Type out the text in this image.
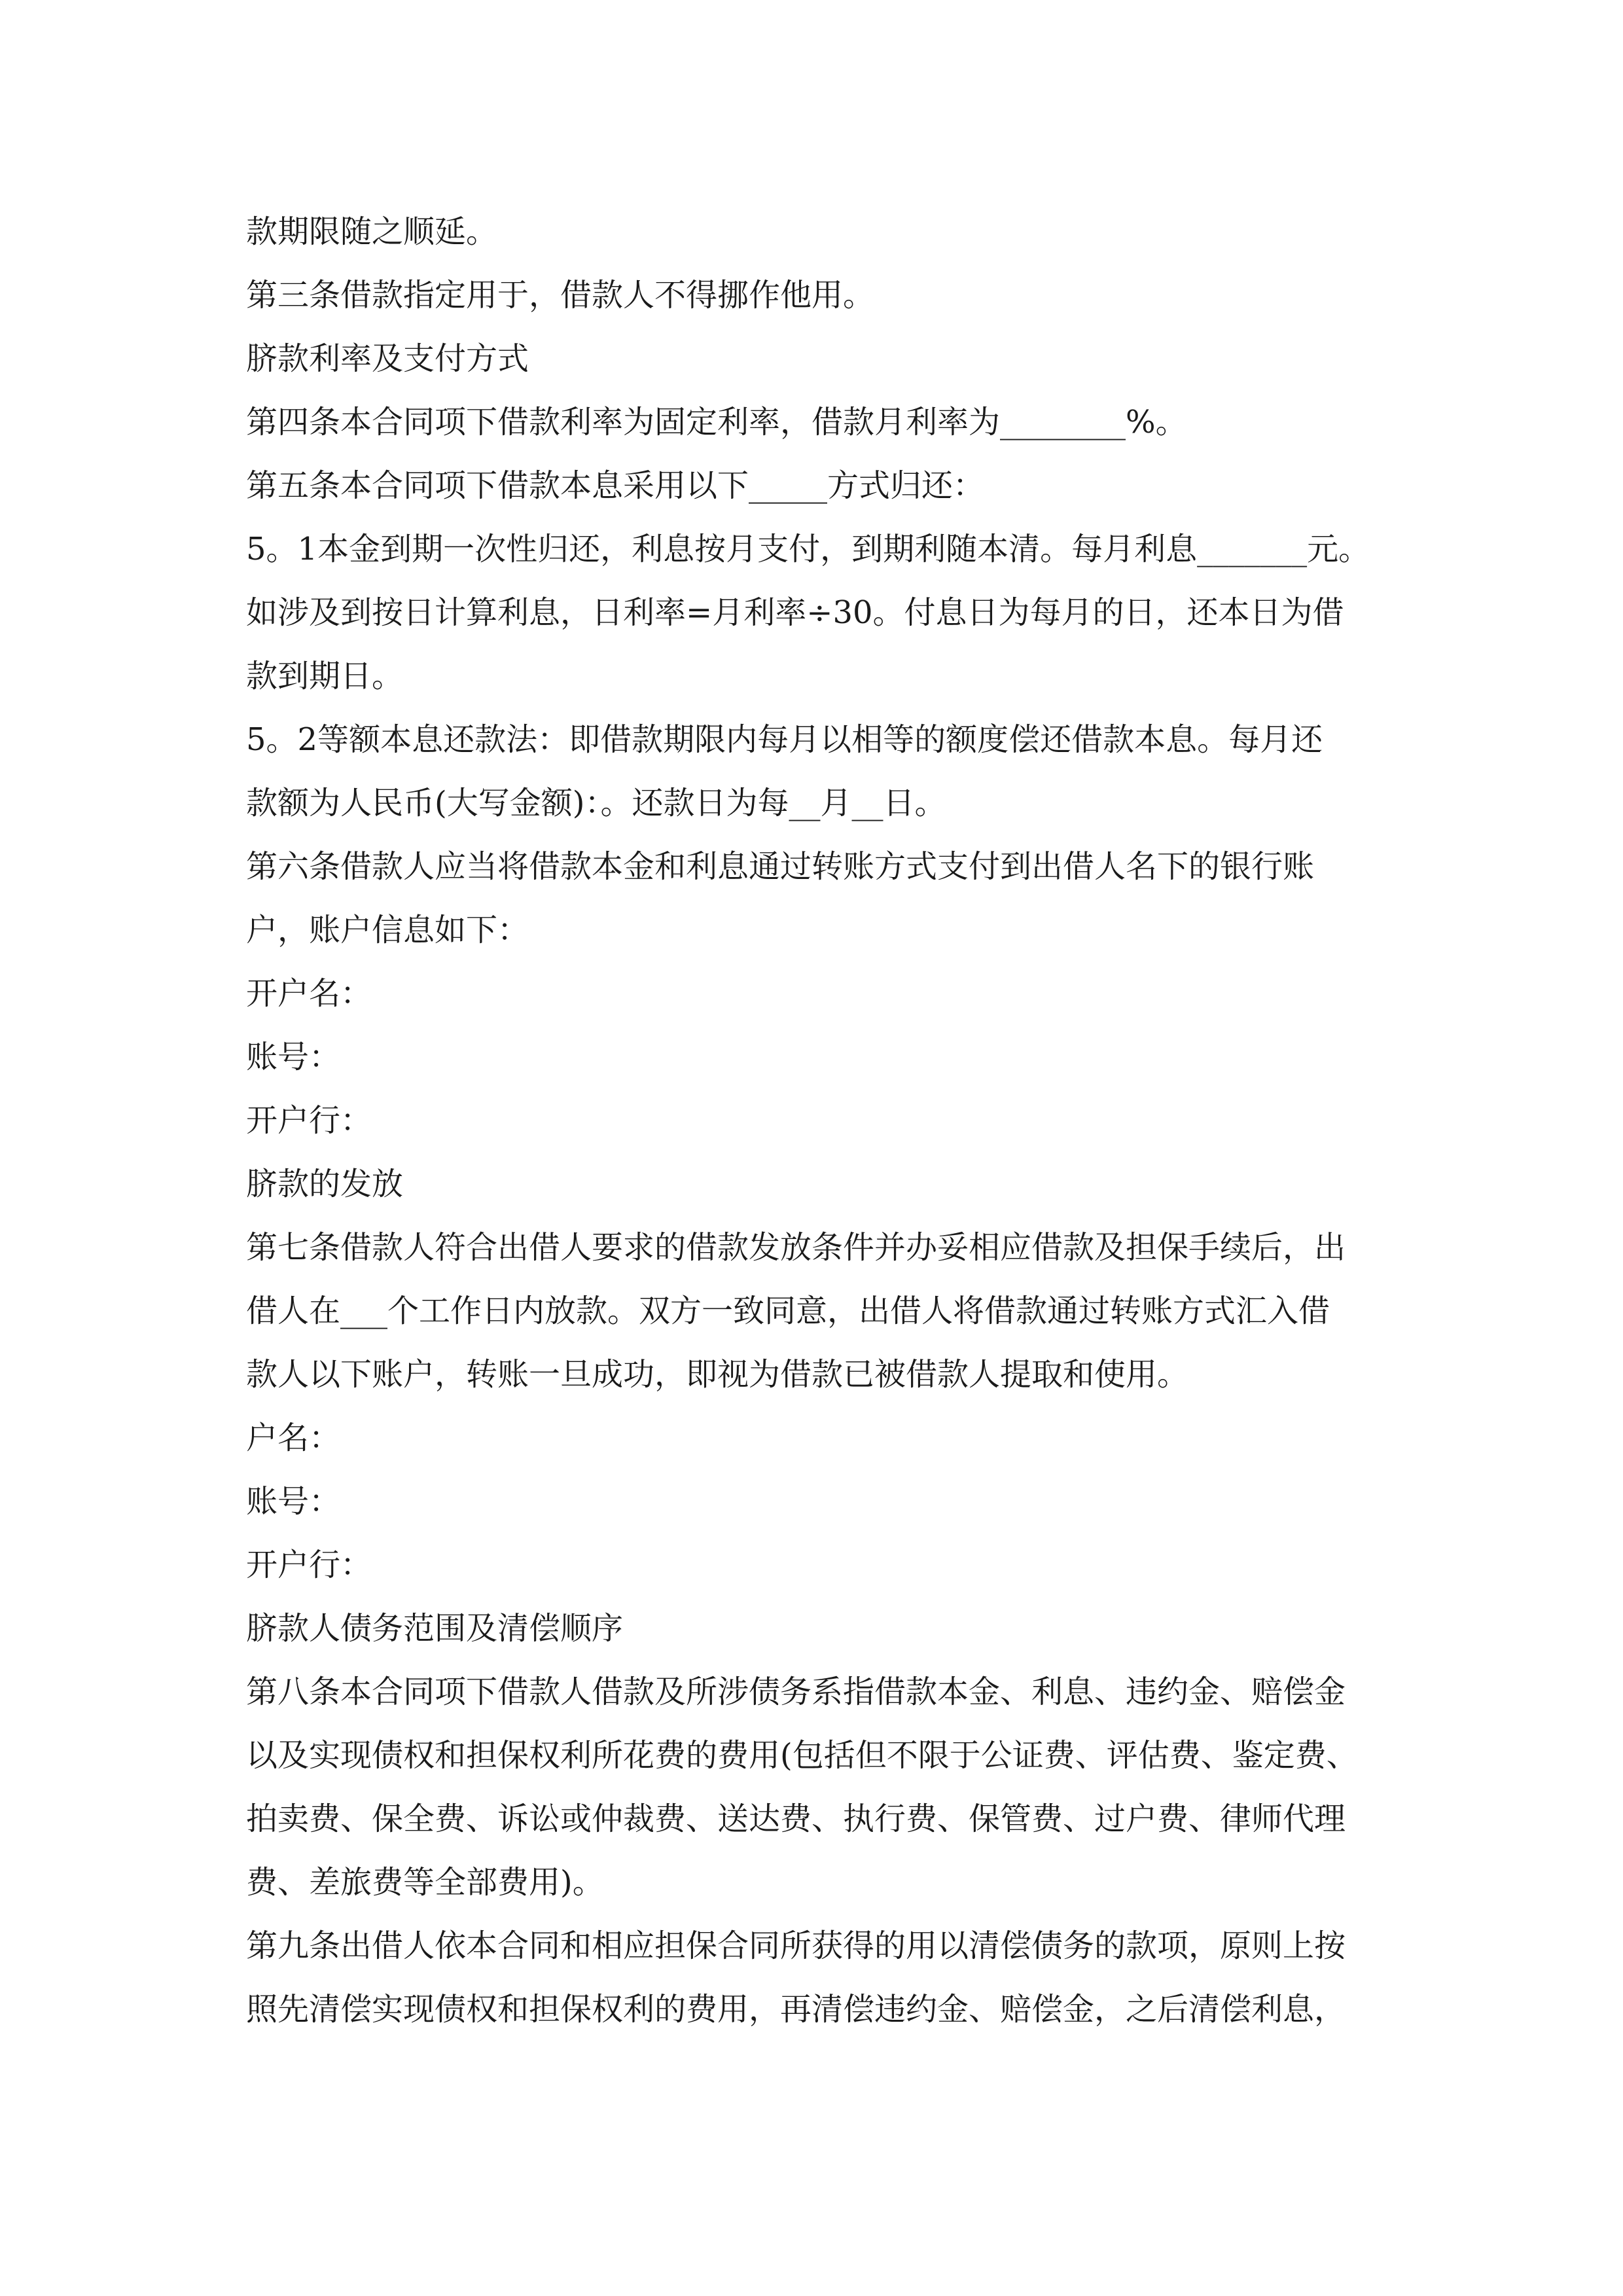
款期限随之顺延。
第三条借款指定用于，借款人不得挪作他用。
脐款利率及支付方式
第四条本合同项下借款利率为固定利率，借款月利率为________%。
第五条本合同项下借款本息采用以下_____方式归还：
5。1本金到期一次性归还，利息按月支付，到期利随本清。每月利息_______元。
如涉及到按日计算利息，日利率=月利率÷30。付息日为每月的日，还本日为借
款到期日。
5。2等额本息还款法：即借款期限内每月以相等的额度偿还借款本息。每月还
款额为人民币(大写金额)：。还款日为每__月__日。
第六条借款人应当将借款本金和利息通过转账方式支付到出借人名下的银行账
户，账户信息如下：
开户名：
账号：
开户行：
脐款的发放
第七条借款人符合出借人要求的借款发放条件并办妥相应借款及担保手续后，出
借人在___个工作日内放款。双方一致同意，出借人将借款通过转账方式汇入借
款人以下账户，转账一旦成功，即视为借款已被借款人提取和使用。
户名：
账号：
开户行：
脐款人债务范围及清偿顺序
第八条本合同项下借款人借款及所涉债务系指借款本金、利息、违约金、赔偿金
以及实现债权和担保权利所花费的费用(包括但不限于公证费、评估费、鉴定费、
拍卖费、保全费、诉讼或仲裁费、送达费、执行费、保管费、过户费、律师代理
费、差旅费等全部费用)。
第九条出借人依本合同和相应担保合同所获得的用以清偿债务的款项，原则上按
照先清偿实现债权和担保权利的费用，再清偿违约金、赔偿金，之后清偿利息，
